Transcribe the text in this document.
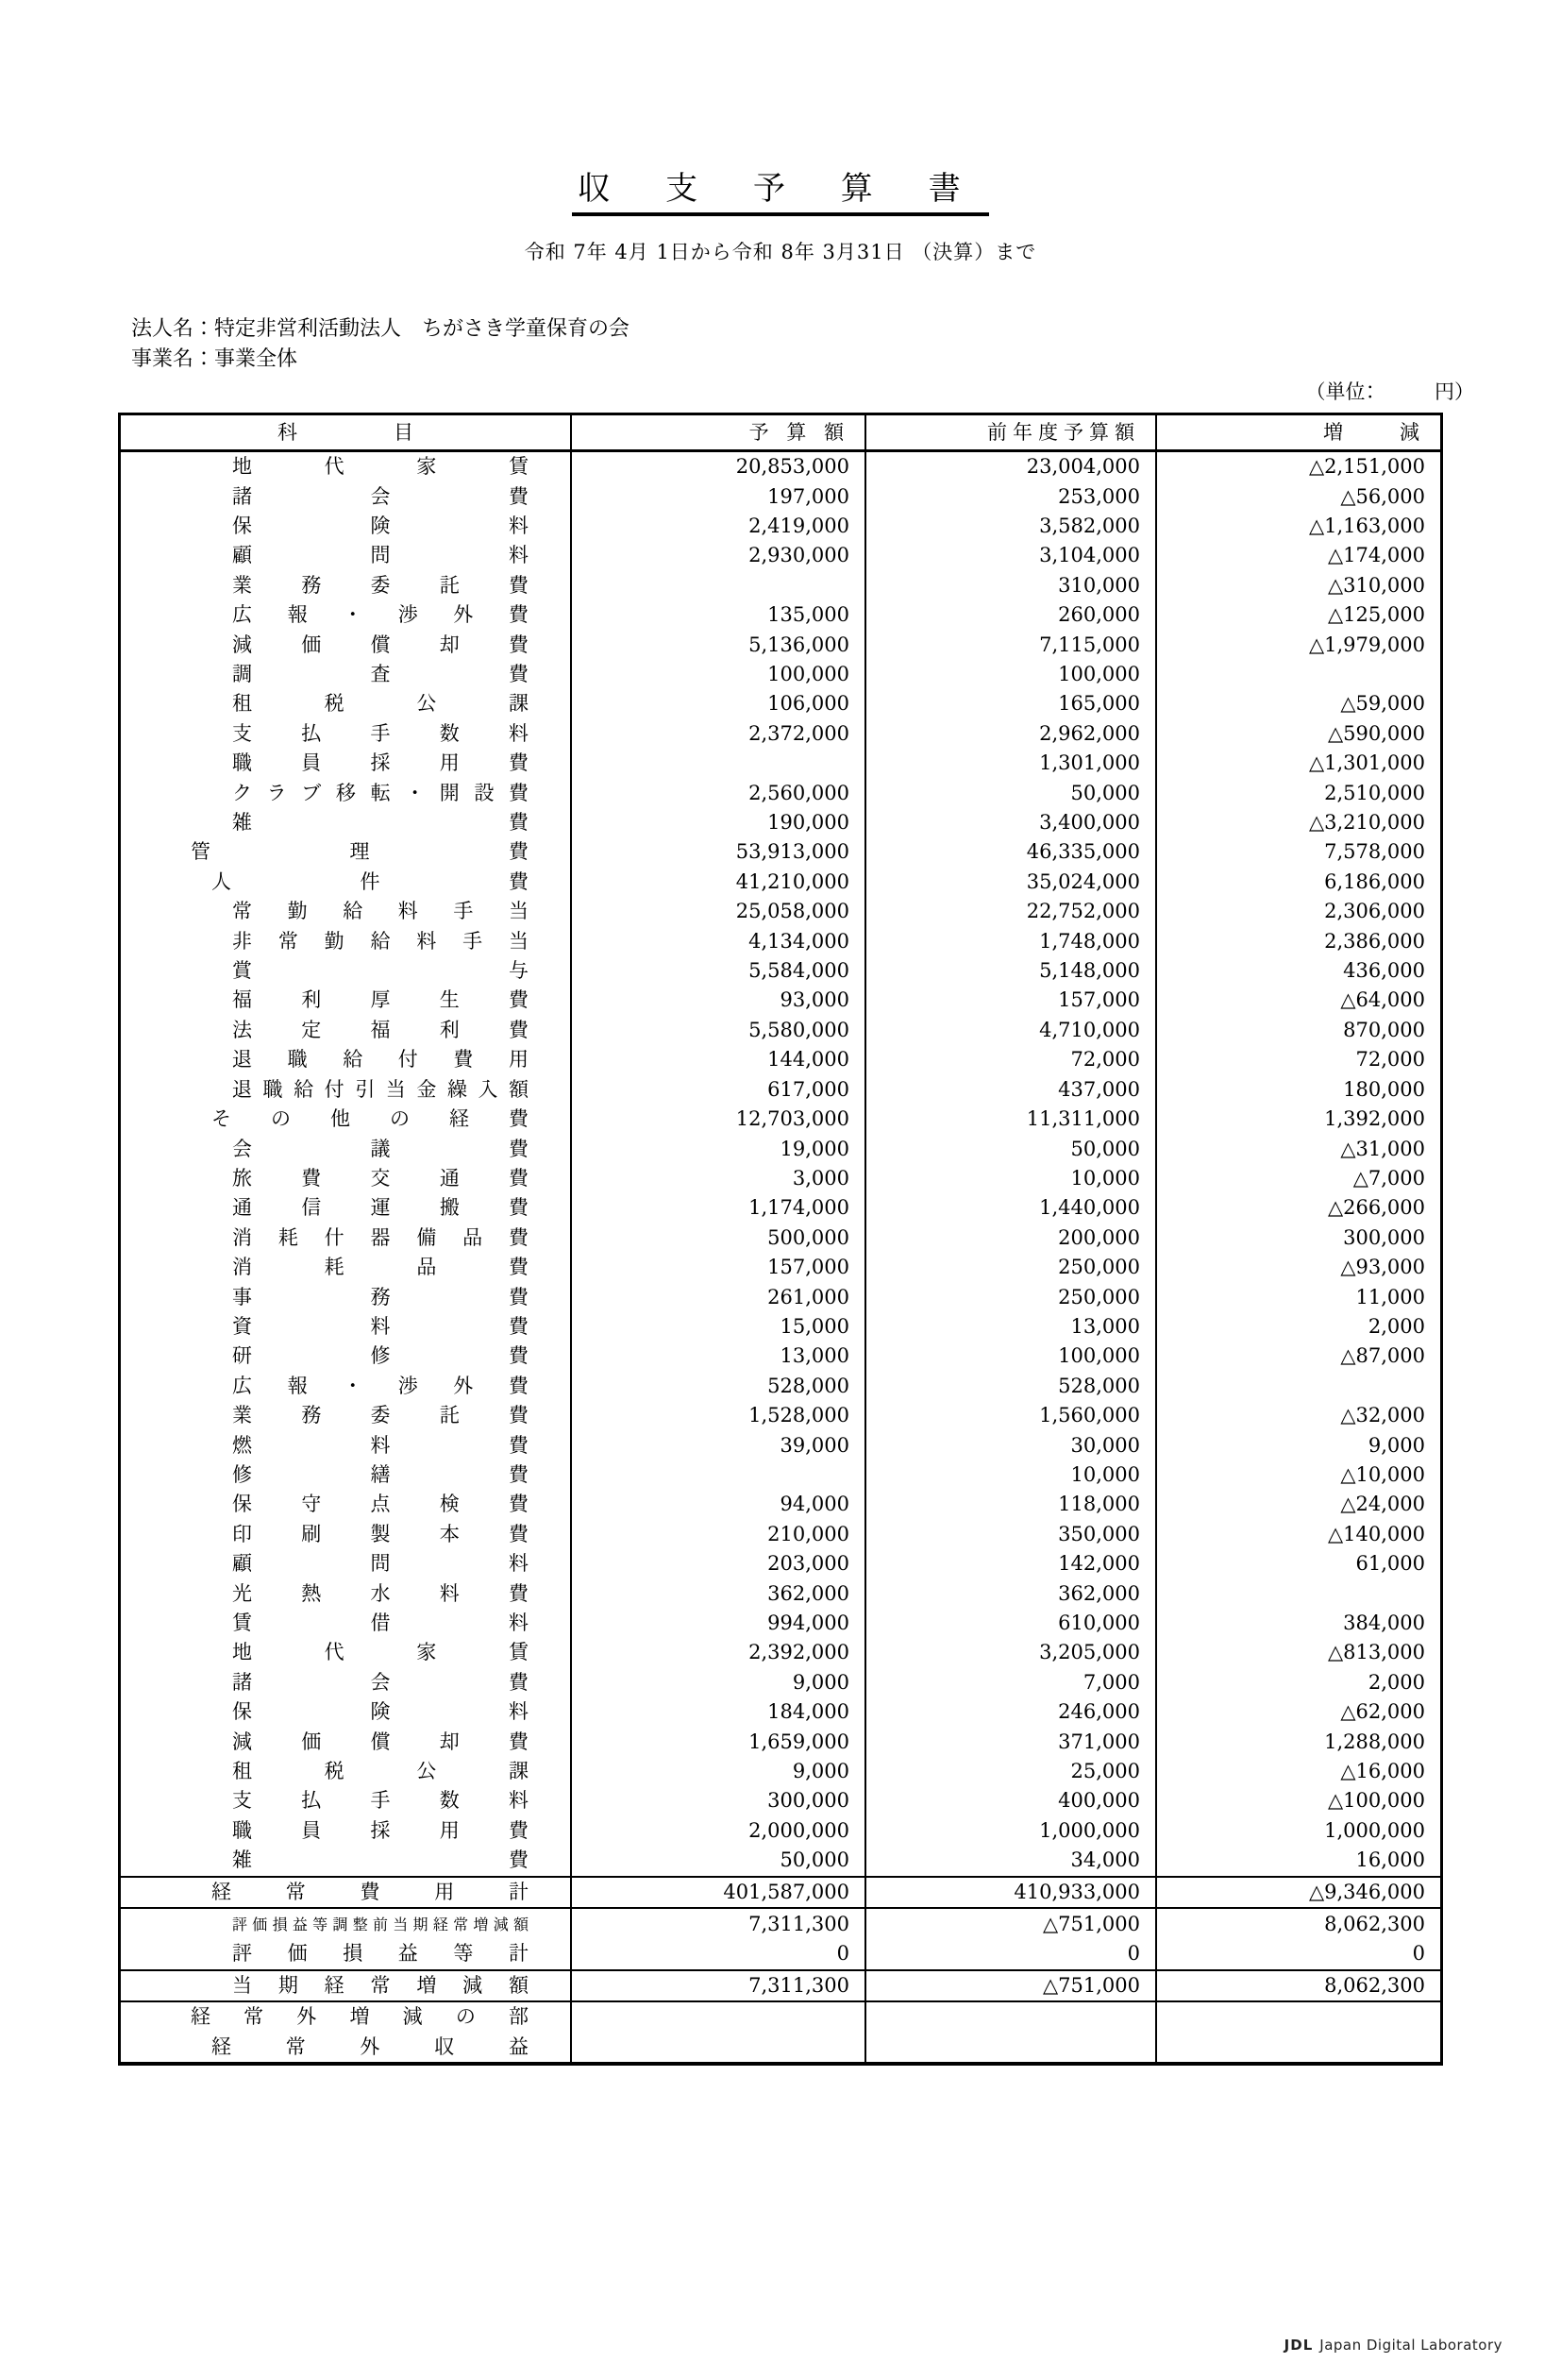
収 支 予 算 書
令和 7年 4月 1日から令和 8年 3月31日 （決算）まで
法人名：特定非営利活動法人　ちがさき学童保育の会
事業名：事業全体
（単位：　　　円）
科　　目	予 算 額	前年度予算額	増　　減
地代家賃	20,853,000	23,004,000	△2,151,000
諸会費	197,000	253,000	△56,000
保険料	2,419,000	3,582,000	△1,163,000
顧問料	2,930,000	3,104,000	△174,000
業務委託費		310,000	△310,000
広報・渉外費	135,000	260,000	△125,000
減価償却費	5,136,000	7,115,000	△1,979,000
調査費	100,000	100,000	
租税公課	106,000	165,000	△59,000
支払手数料	2,372,000	2,962,000	△590,000
職員採用費		1,301,000	△1,301,000
クラブ移転・開設費	2,560,000	50,000	2,510,000
雑費	190,000	3,400,000	△3,210,000
管理費	53,913,000	46,335,000	7,578,000
人件費	41,210,000	35,024,000	6,186,000
常勤給料手当	25,058,000	22,752,000	2,306,000
非常勤給料手当	4,134,000	1,748,000	2,386,000
賞与	5,584,000	5,148,000	436,000
福利厚生費	93,000	157,000	△64,000
法定福利費	5,580,000	4,710,000	870,000
退職給付費用	144,000	72,000	72,000
退職給付引当金繰入額	617,000	437,000	180,000
その他の経費	12,703,000	11,311,000	1,392,000
会議費	19,000	50,000	△31,000
旅費交通費	3,000	10,000	△7,000
通信運搬費	1,174,000	1,440,000	△266,000
消耗什器備品費	500,000	200,000	300,000
消耗品費	157,000	250,000	△93,000
事務費	261,000	250,000	11,000
資料費	15,000	13,000	2,000
研修費	13,000	100,000	△87,000
広報・渉外費	528,000	528,000	
業務委託費	1,528,000	1,560,000	△32,000
燃料費	39,000	30,000	9,000
修繕費		10,000	△10,000
保守点検費	94,000	118,000	△24,000
印刷製本費	210,000	350,000	△140,000
顧問料	203,000	142,000	61,000
光熱水料費	362,000	362,000	
賃借料	994,000	610,000	384,000
地代家賃	2,392,000	3,205,000	△813,000
諸会費	9,000	7,000	2,000
保険料	184,000	246,000	△62,000
減価償却費	1,659,000	371,000	1,288,000
租税公課	9,000	25,000	△16,000
支払手数料	300,000	400,000	△100,000
職員採用費	2,000,000	1,000,000	1,000,000
雑費	50,000	34,000	16,000
経常費用計	401,587,000	410,933,000	△9,346,000
評価損益等調整前当期経常増減額	7,311,300	△751,000	8,062,300
評価損益等計	0	0	0
当期経常増減額	7,311,300	△751,000	8,062,300
経常外増減の部			
経常外収益			
JDL Japan Digital Laboratory
